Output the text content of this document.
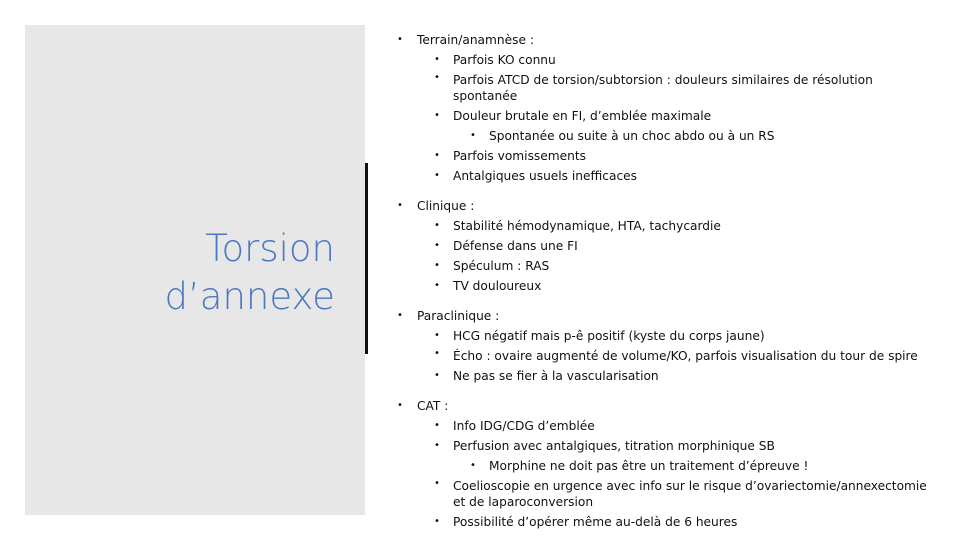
Torsion
d’annexe
• Terrain/anamnèse :
• Parfois KO connu
• Parfois ATCD de torsion/subtorsion : douleurs similaires de résolution spontanée
• Douleur brutale en FI, d’emblée maximale
• Spontanée ou suite à un choc abdo ou à un RS
• Parfois vomissements
• Antalgiques usuels inefficaces
• Clinique :
• Stabilité hémodynamique, HTA, tachycardie
• Défense dans une FI
• Spéculum : RAS
• TV douloureux
• Paraclinique :
• HCG négatif mais p-ê positif (kyste du corps jaune)
• Écho : ovaire augmenté de volume/KO, parfois visualisation du tour de spire
• Ne pas se fier à la vascularisation
• CAT :
• Info IDG/CDG d’emblée
• Perfusion avec antalgiques, titration morphinique SB
• Morphine ne doit pas être un traitement d’épreuve !
• Coelioscopie en urgence avec info sur le risque d’ovariectomie/annexectomie et de laparoconversion
• Possibilité d’opérer même au-delà de 6 heures
